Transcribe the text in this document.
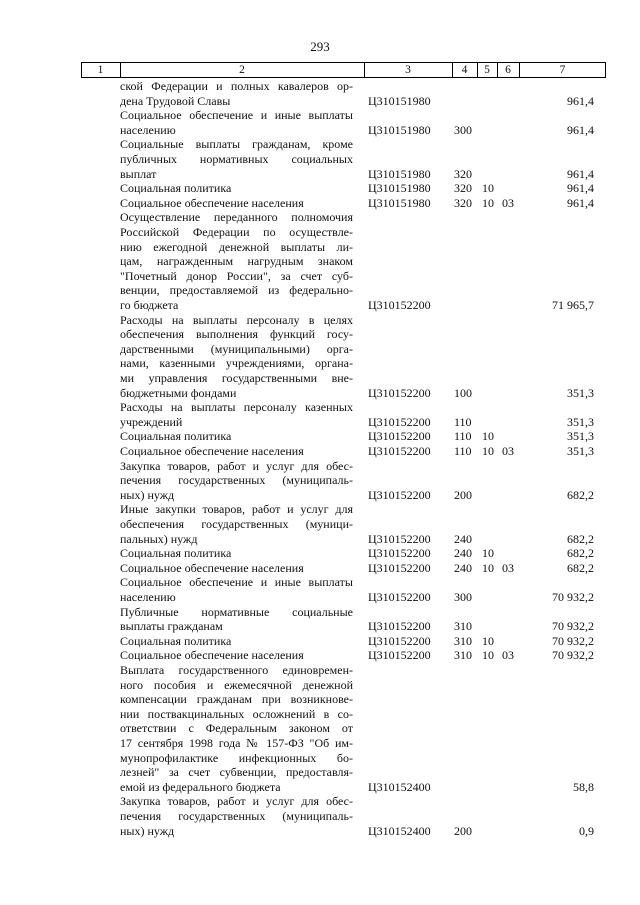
293
1	2	3	4	5	6	7
ской Федерации и полных кавалеров ор-
дена Трудовой Славы	Ц310151980	961,4
Социальное обеспечение и иные выплаты
населению	Ц310151980 300	961,4
Социальные выплаты гражданам, кроме
публичных нормативных социальных
выплат	Ц310151980 320	961,4
Социальная политика	Ц310151980 320 10	961,4
Социальное обеспечение населения	Ц310151980 320 10 03	961,4
Осуществление переданного полномочия
Российской Федерации по осуществле-
нию ежегодной денежной выплаты ли-
цам, награжденным нагрудным знаком
"Почетный донор России", за счет суб-
венции, предоставляемой из федерально-
го бюджета	Ц310152200	71 965,7
Расходы на выплаты персоналу в целях
обеспечения выполнения функций госу-
дарственными (муниципальными) орга-
нами, казенными учреждениями, органа-
ми управления государственными вне-
бюджетными фондами	Ц310152200 100	351,3
Расходы на выплаты персоналу казенных
учреждений	Ц310152200 110	351,3
Социальная политика	Ц310152200 110 10	351,3
Социальное обеспечение населения	Ц310152200 110 10 03	351,3
Закупка товаров, работ и услуг для обес-
печения государственных (муниципаль-
ных) нужд	Ц310152200 200	682,2
Иные закупки товаров, работ и услуг для
обеспечения государственных (муници-
пальных) нужд	Ц310152200 240	682,2
Социальная политика	Ц310152200 240 10	682,2
Социальное обеспечение населения	Ц310152200 240 10 03	682,2
Социальное обеспечение и иные выплаты
населению	Ц310152200 300	70 932,2
Публичные нормативные социальные
выплаты гражданам	Ц310152200 310	70 932,2
Социальная политика	Ц310152200 310 10	70 932,2
Социальное обеспечение населения	Ц310152200 310 10 03	70 932,2
Выплата государственного единовремен-
ного пособия и ежемесячной денежной
компенсации гражданам при возникнове-
нии поствакцинальных осложнений в со-
ответствии с Федеральным законом от
17 сентября 1998 года № 157-ФЗ "Об им-
мунопрофилактике инфекционных бо-
лезней" за счет субвенции, предоставля-
емой из федерального бюджета	Ц310152400	58,8
Закупка товаров, работ и услуг для обес-
печения государственных (муниципаль-
ных) нужд	Ц310152400 200	0,9
